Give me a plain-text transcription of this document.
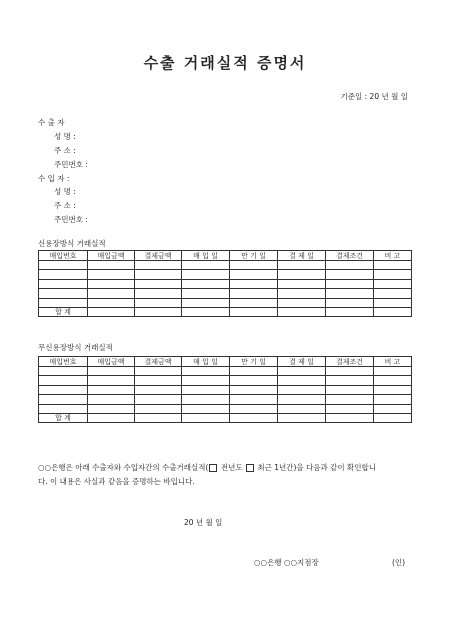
수출 거래실적 증명서
기준일 : 20 년 월 일
수 출 자
성 명 :
주 소 :
주민번호 :
수 입 자 :
성 명 :
주 소 :
주민번호 :
신용장방식 거래실적
매입번호	매입금액	결제금액	매 입 일	만 기 일	결 제 일	결제조건	비 고

합 계							
무신용장방식 거래실적
매입번호	매입금액	결제금액	매 입 일	만 기 일	결 제 일	결제조건	비 고

합 계							
○○은행은 아래 수출자와 수입자간의 수출거래실적( 전년도 최근 1년간)을 다음과 같이 확인합니
다. 이 내용은 사실과 같음을 증명하는 바입니다.
20 년 월 일
○○은행 ○○지점장	(인)
